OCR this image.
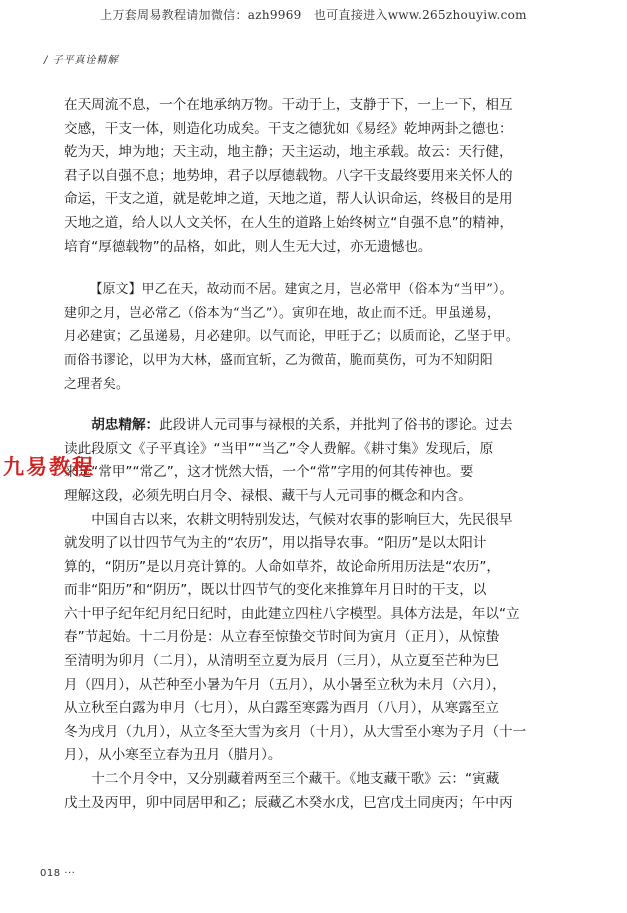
上万套周易教程请加微信：azh9969　也可直接进入www.265zhouyiw.com
/ 子平真诠精解

在天周流不息，一个在地承纳万物。干动于上，支静于下，一上一下，相互
交感，干支一体，则造化功成矣。干支之德犹如《易经》乾坤两卦之德也：
乾为天，坤为地；天主动，地主静；天主运动，地主承载。故云：天行健，
君子以自强不息；地势坤，君子以厚德载物。八字干支最终要用来关怀人的
命运，干支之道，就是乾坤之道，天地之道，帮人认识命运，终极目的是用
天地之道，给人以人文关怀，在人生的道路上始终树立“自强不息”的精神，
培育“厚德载物”的品格，如此，则人生无大过，亦无遗憾也。

【原文】甲乙在天，故动而不居。建寅之月，岂必常甲（俗本为“当甲”）。
建卯之月，岂必常乙（俗本为“当乙”）。寅卯在地，故止而不迁。甲虽递易，
月必建寅；乙虽递易，月必建卯。以气而论，甲旺于乙；以质而论，乙坚于甲。
而俗书谬论，以甲为大林，盛而宜斩，乙为微苗，脆而莫伤，可为不知阴阳
之理者矣。

胡忠精解：此段讲人元司事与禄根的关系，并批判了俗书的谬论。过去
读此段原文《子平真诠》“当甲”“当乙”令人费解。《耕寸集》发现后，原
来是“常甲”“常乙”，这才恍然大悟，一个“常”字用的何其传神也。要
理解这段，必须先明白月令、禄根、藏干与人元司事的概念和内含。

中国自古以来，农耕文明特别发达，气候对农事的影响巨大，先民很早
就发明了以廿四节气为主的“农历”，用以指导农事。“阳历”是以太阳计
算的，“阴历”是以月亮计算的。人命如草芥，故论命所用历法是“农历”，
而非“阳历”和“阴历”，既以廿四节气的变化来推算年月日时的干支，以
六十甲子纪年纪月纪日纪时，由此建立四柱八字模型。具体方法是，年以“立
春”节起始。十二月份是：从立春至惊蛰交节时间为寅月（正月），从惊蛰
至清明为卯月（二月），从清明至立夏为辰月（三月），从立夏至芒种为巳
月（四月），从芒种至小暑为午月（五月），从小暑至立秋为未月（六月），
从立秋至白露为申月（七月），从白露至寒露为酉月（八月），从寒露至立
冬为戌月（九月），从立冬至大雪为亥月（十月），从大雪至小寒为子月（十一
月），从小寒至立春为丑月（腊月）。

十二个月令中，又分别藏着两至三个藏干。《地支藏干歌》云：“寅藏
戊土及丙甲，卯中同居甲和乙；辰藏乙木癸水戊，巳宫戊土同庚丙；午中丙

九易教程
018 ···
